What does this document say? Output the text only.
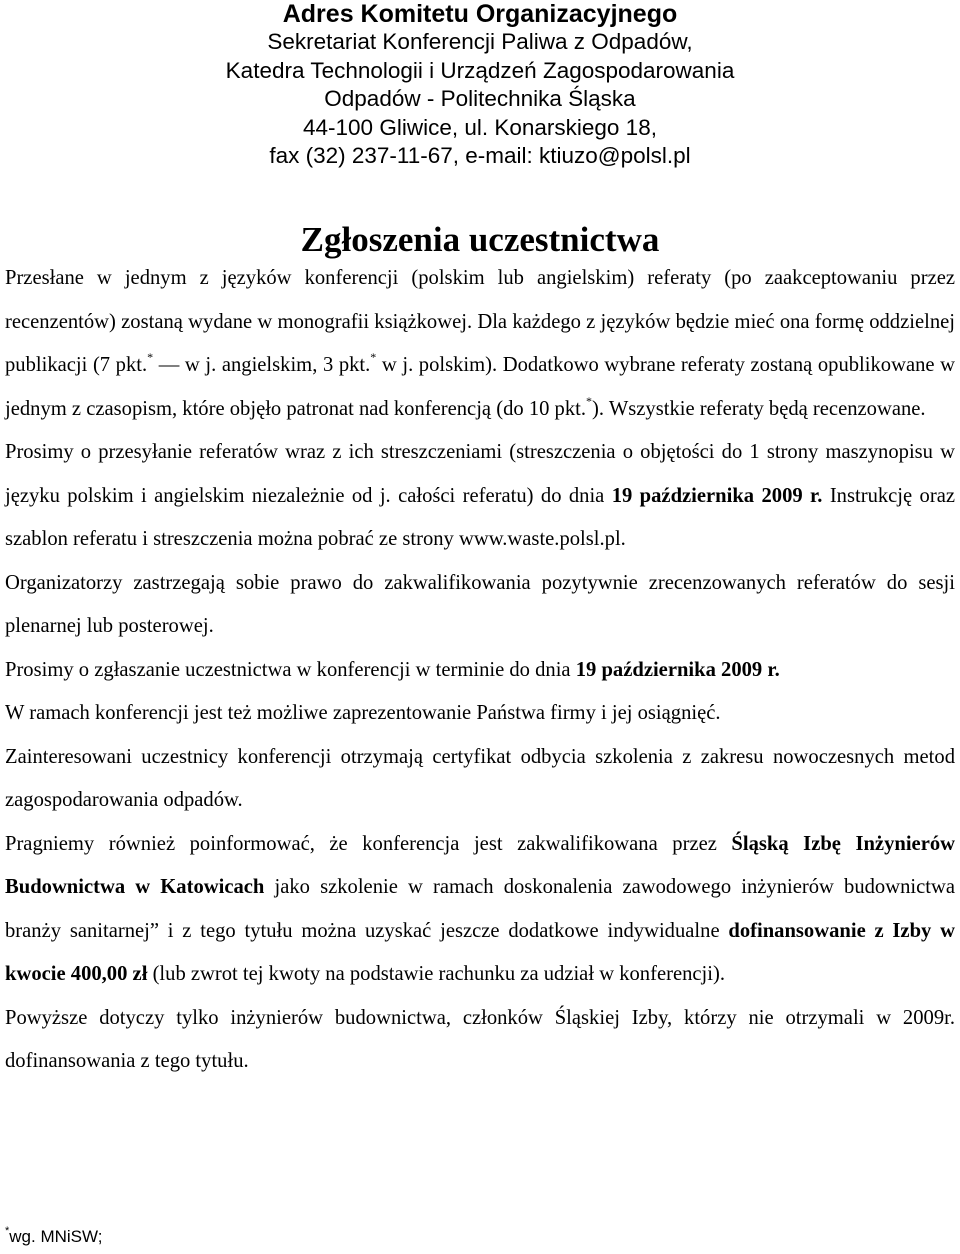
Adres Komitetu Organizacyjnego
Sekretariat Konferencji Paliwa z Odpadów,
Katedra Technologii i Urządzeń Zagospodarowania
Odpadów - Politechnika Śląska
44-100 Gliwice, ul. Konarskiego 18,
fax (32) 237-11-67, e-mail: ktiuzo@polsl.pl
Zgłoszenia uczestnictwa

Przesłane w jednym z języków konferencji (polskim lub angielskim) referaty (po zaakceptowaniu przez recenzentów) zostaną wydane w monografii książkowej. Dla każdego z języków będzie mieć ona formę oddzielnej publikacji (7 pkt.* — w j. angielskim, 3 pkt.* w j. polskim). Dodatkowo wybrane referaty zostaną opublikowane w jednym z czasopism, które objęło patronat nad konferencją (do 10 pkt.*). Wszystkie referaty będą recenzowane.

Prosimy o przesyłanie referatów wraz z ich streszczeniami (streszczenia o objętości do 1 strony maszynopisu w języku polskim i angielskim niezależnie od j. całości referatu) do dnia 19 października 2009 r. Instrukcję oraz szablon referatu i streszczenia można pobrać ze strony www.waste.polsl.pl.

Organizatorzy zastrzegają sobie prawo do zakwalifikowania pozytywnie zrecenzowanych referatów do sesji plenarnej lub posterowej.

Prosimy o zgłaszanie uczestnictwa w konferencji w terminie do dnia 19 października 2009 r.

W ramach konferencji jest też możliwe zaprezentowanie Państwa firmy i jej osiągnięć.

Zainteresowani uczestnicy konferencji otrzymają certyfikat odbycia szkolenia z zakresu nowoczesnych metod zagospodarowania odpadów.

Pragniemy również poinformować, że konferencja jest zakwalifikowana przez Śląską Izbę Inżynierów Budownictwa w Katowicach jako szkolenie w ramach doskonalenia zawodowego inżynierów budownictwa branży sanitarnej” i z tego tytułu można uzyskać jeszcze dodatkowe indywidualne dofinansowanie z Izby w kwocie 400,00 zł (lub zwrot tej kwoty na podstawie rachunku za udział w konferencji).

Powyższe dotyczy tylko inżynierów budownictwa, członków Śląskiej Izby, którzy nie otrzymali w 2009r. dofinansowania z tego tytułu.

*wg. MNiSW;
